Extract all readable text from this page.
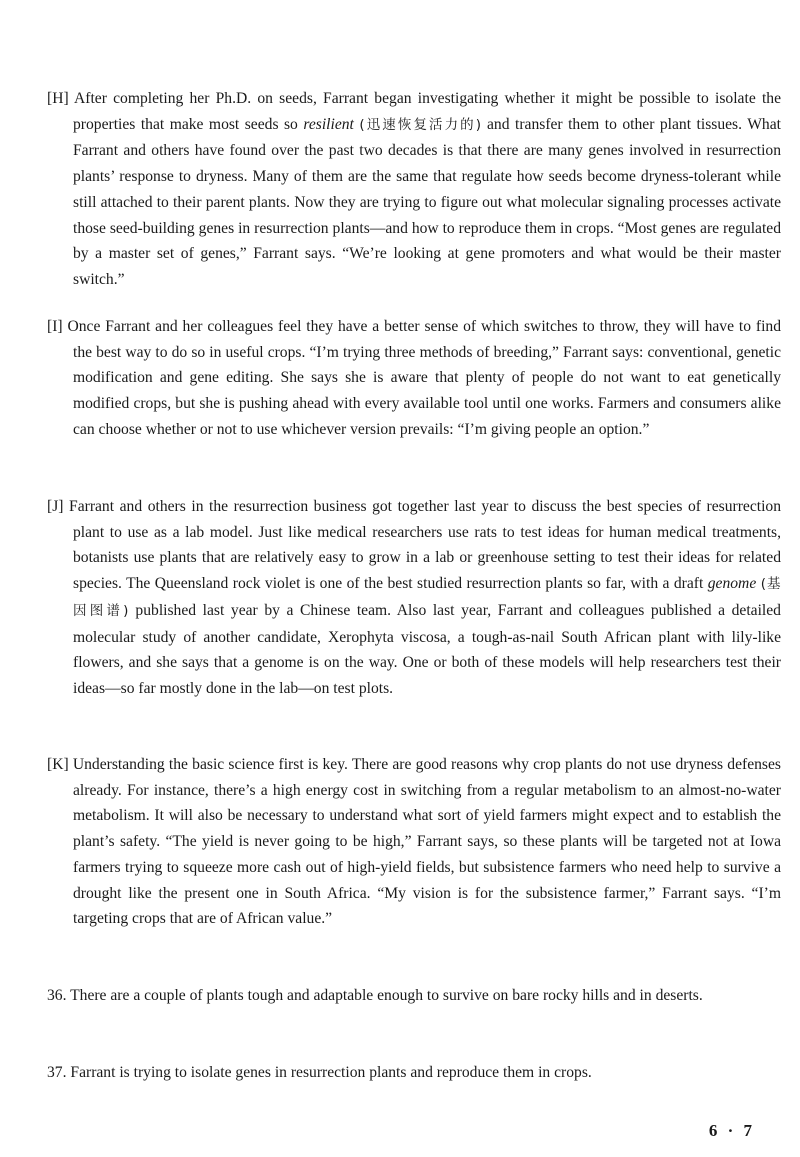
[H] After completing her Ph.D. on seeds, Farrant began investigating whether it might be possible to isolate the properties that make most seeds so resilient (迅速恢复活力的) and transfer them to other plant tissues. What Farrant and others have found over the past two decades is that there are many genes involved in resurrection plants’ response to dryness. Many of them are the same that regulate how seeds become dryness-tolerant while still attached to their parent plants. Now they are trying to figure out what molecular signaling processes activate those seed-building genes in resurrection plants—and how to reproduce them in crops. “Most genes are regulated by a master set of genes,” Farrant says. “We’re looking at gene promoters and what would be their master switch.”

[I] Once Farrant and her colleagues feel they have a better sense of which switches to throw, they will have to find the best way to do so in useful crops. “I’m trying three methods of breeding,” Farrant says: conventional, genetic modification and gene editing. She says she is aware that plenty of people do not want to eat genetically modified crops, but she is pushing ahead with every available tool until one works. Farmers and consumers alike can choose whether or not to use whichever version prevails: “I’m giving people an option.”

[J] Farrant and others in the resurrection business got together last year to discuss the best species of resurrection plant to use as a lab model. Just like medical researchers use rats to test ideas for human medical treatments, botanists use plants that are relatively easy to grow in a lab or greenhouse setting to test their ideas for related species. The Queensland rock violet is one of the best studied resurrection plants so far, with a draft genome (基因图谱) published last year by a Chinese team. Also last year, Farrant and colleagues published a detailed molecular study of another candidate, Xerophyta viscosa, a tough-as-nail South African plant with lily-like flowers, and she says that a genome is on the way. One or both of these models will help researchers test their ideas—so far mostly done in the lab—on test plots.

[K] Understanding the basic science first is key. There are good reasons why crop plants do not use dryness defenses already. For instance, there’s a high energy cost in switching from a regular metabolism to an almost-no-water metabolism. It will also be necessary to understand what sort of yield farmers might expect and to establish the plant’s safety. “The yield is never going to be high,” Farrant says, so these plants will be targeted not at Iowa farmers trying to squeeze more cash out of high-yield fields, but subsistence farmers who need help to survive a drought like the present one in South Africa. “My vision is for the subsistence farmer,” Farrant says. “I’m targeting crops that are of African value.”

36. There are a couple of plants tough and adaptable enough to survive on bare rocky hills and in deserts.

37. Farrant is trying to isolate genes in resurrection plants and reproduce them in crops.

6 · 7
